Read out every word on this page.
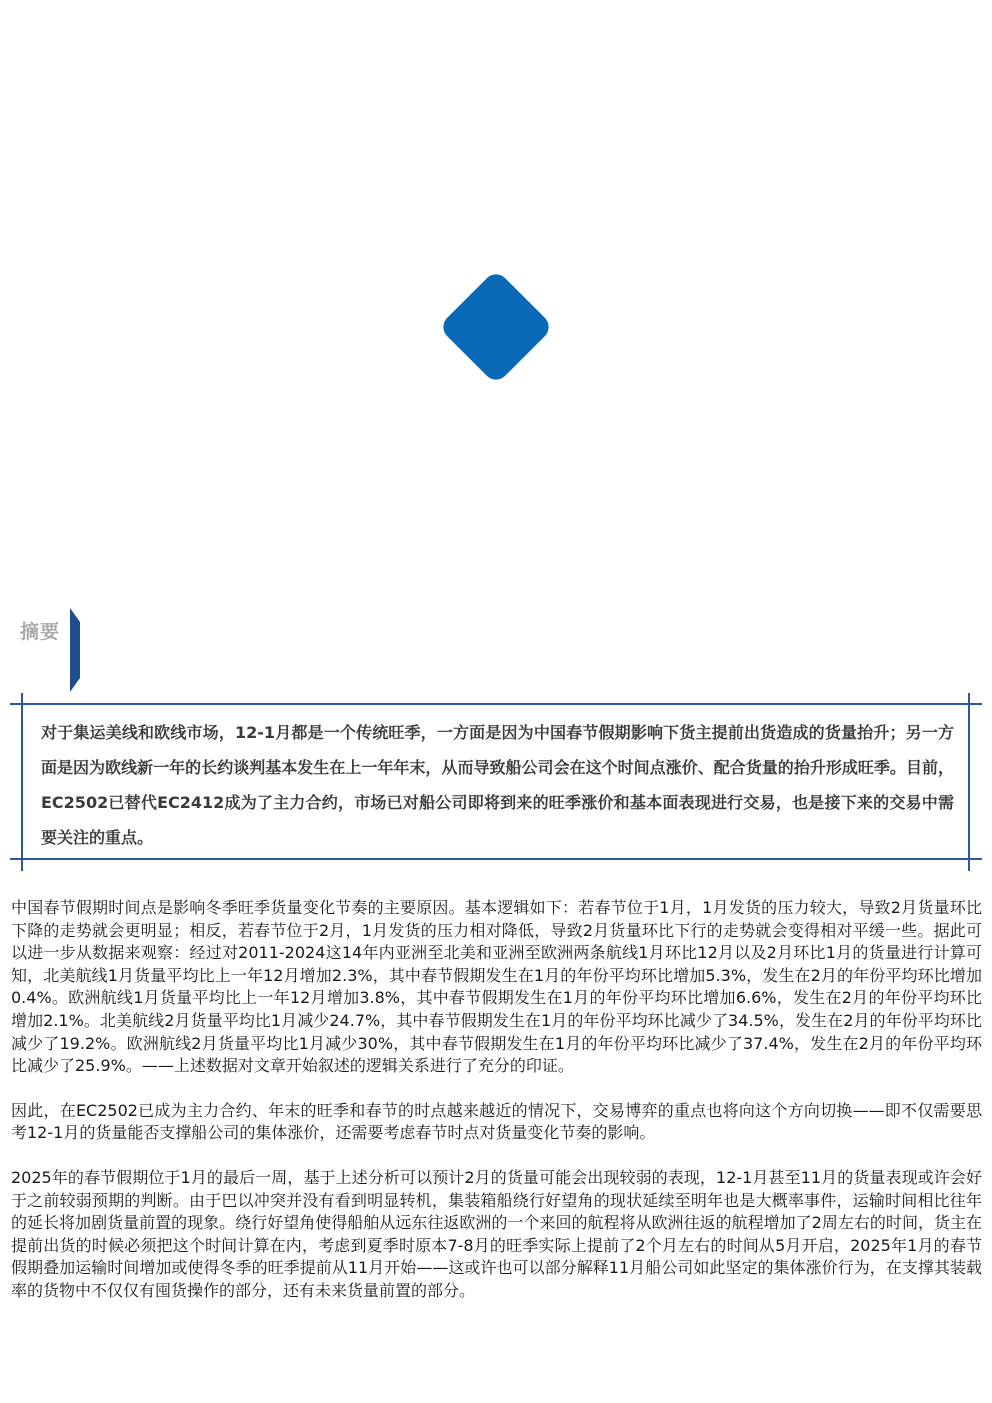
摘要

对于集运美线和欧线市场，12-1月都是一个传统旺季，一方面是因为中国春节假期影响下货主提前出货造成的货量抬升；另一方面是因为欧线新一年的长约谈判基本发生在上一年年末，从而导致船公司会在这个时间点涨价、配合货量的抬升形成旺季。目前，EC2502已替代EC2412成为了主力合约，市场已对船公司即将到来的旺季涨价和基本面表现进行交易，也是接下来的交易中需要关注的重点。

中国春节假期时间点是影响冬季旺季货量变化节奏的主要原因。基本逻辑如下：若春节位于1月，1月发货的压力较大，导致2月货量环比下降的走势就会更明显；相反，若春节位于2月，1月发货的压力相对降低，导致2月货量环比下行的走势就会变得相对平缓一些。据此可以进一步从数据来观察：经过对2011-2024这14年内亚洲至北美和亚洲至欧洲两条航线1月环比12月以及2月环比1月的货量进行计算可知，北美航线1月货量平均比上一年12月增加2.3%，其中春节假期发生在1月的年份平均环比增加5.3%，发生在2月的年份平均环比增加0.4%。欧洲航线1月货量平均比上一年12月增加3.8%，其中春节假期发生在1月的年份平均环比增加6.6%，发生在2月的年份平均环比增加2.1%。北美航线2月货量平均比1月减少24.7%，其中春节假期发生在1月的年份平均环比减少了34.5%，发生在2月的年份平均环比减少了19.2%。欧洲航线2月货量平均比1月减少30%，其中春节假期发生在1月的年份平均环比减少了37.4%，发生在2月的年份平均环比减少了25.9%。——上述数据对文章开始叙述的逻辑关系进行了充分的印证。

因此，在EC2502已成为主力合约、年末的旺季和春节的时点越来越近的情况下，交易博弈的重点也将向这个方向切换——即不仅需要思考12-1月的货量能否支撑船公司的集体涨价，还需要考虑春节时点对货量变化节奏的影响。

2025年的春节假期位于1月的最后一周，基于上述分析可以预计2月的货量可能会出现较弱的表现，12-1月甚至11月的货量表现或许会好于之前较弱预期的判断。由于巴以冲突并没有看到明显转机，集装箱船绕行好望角的现状延续至明年也是大概率事件，运输时间相比往年的延长将加剧货量前置的现象。绕行好望角使得船舶从远东往返欧洲的一个来回的航程将从欧洲往返的航程增加了2周左右的时间，货主在提前出货的时候必须把这个时间计算在内，考虑到夏季时原本7-8月的旺季实际上提前了2个月左右的时间从5月开启，2025年1月的春节假期叠加运输时间增加或使得冬季的旺季提前从11月开始——这或许也可以部分解释11月船公司如此坚定的集体涨价行为，在支撑其装载率的货物中不仅仅有囤货操作的部分，还有未来货量前置的部分。
